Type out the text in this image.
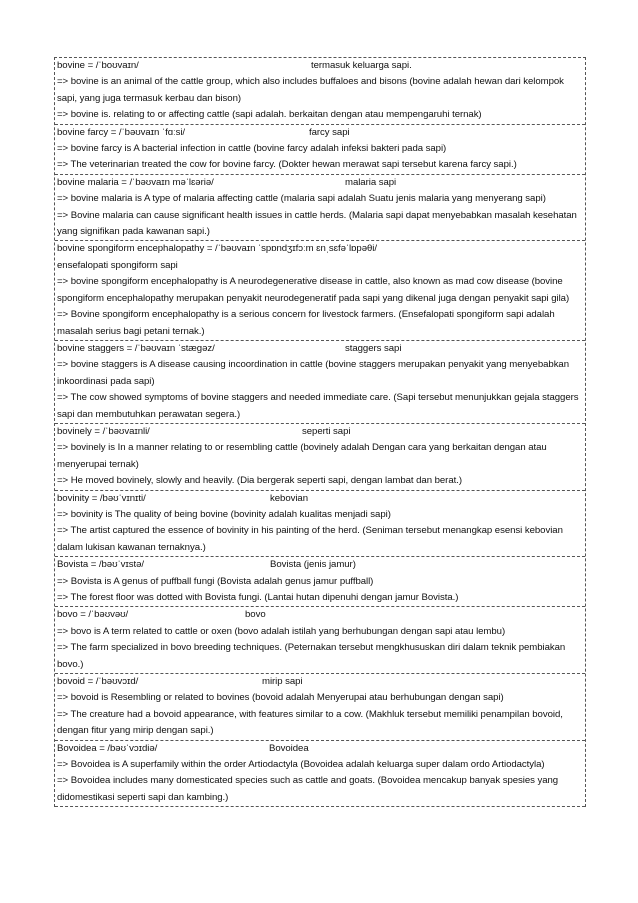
bovine = /ˈboʊvaɪn/	termasuk keluarga sapi.
=> bovine is an animal of the cattle group, which also includes buffaloes and bisons (bovine adalah hewan dari kelompok sapi, yang juga termasuk kerbau dan bison)
=> bovine is. relating to or affecting cattle (sapi adalah. berkaitan dengan atau mempengaruhi ternak)
bovine farcy = /ˈbəʊvaɪn ˈfɑːsi/	farcy sapi
=> bovine farcy is A bacterial infection in cattle (bovine farcy adalah infeksi bakteri pada sapi)
=> The veterinarian treated the cow for bovine farcy. (Dokter hewan merawat sapi tersebut karena farcy sapi.)
bovine malaria = /ˈbəʊvaɪn məˈlɛəriə/	malaria sapi
=> bovine malaria is A type of malaria affecting cattle (malaria sapi adalah Suatu jenis malaria yang menyerang sapi)
=> Bovine malaria can cause significant health issues in cattle herds. (Malaria sapi dapat menyebabkan masalah kesehatan yang signifikan pada kawanan sapi.)
bovine spongiform encephalopathy = /ˈbəʊvaɪn ˈspɒndʒɪfɔːm ɛnˌsɛfəˈlɒpəθi/
ensefalopati spongiform sapi
=> bovine spongiform encephalopathy is A neurodegenerative disease in cattle, also known as mad cow disease (bovine spongiform encephalopathy merupakan penyakit neurodegeneratif pada sapi yang dikenal juga dengan penyakit sapi gila)
=> Bovine spongiform encephalopathy is a serious concern for livestock farmers. (Ensefalopati spongiform sapi adalah masalah serius bagi petani ternak.)
bovine staggers = /ˈbəʊvaɪn ˈstæɡəz/	staggers sapi
=> bovine staggers is A disease causing incoordination in cattle (bovine staggers merupakan penyakit yang menyebabkan inkoordinasi pada sapi)
=> The cow showed symptoms of bovine staggers and needed immediate care. (Sapi tersebut menunjukkan gejala staggers sapi dan membutuhkan perawatan segera.)
bovinely = /ˈbəʊvaɪnli/	seperti sapi
=> bovinely is In a manner relating to or resembling cattle (bovinely adalah Dengan cara yang berkaitan dengan atau menyerupai ternak)
=> He moved bovinely, slowly and heavily. (Dia bergerak seperti sapi, dengan lambat dan berat.)
bovinity = /bəʊˈvɪnɪti/	kebovian
=> bovinity is The quality of being bovine (bovinity adalah kualitas menjadi sapi)
=> The artist captured the essence of bovinity in his painting of the herd. (Seniman tersebut menangkap esensi kebovian dalam lukisan kawanan ternaknya.)
Bovista = /bəʊˈvɪstə/	Bovista (jenis jamur)
=> Bovista is A genus of puffball fungi (Bovista adalah genus jamur puffball)
=> The forest floor was dotted with Bovista fungi. (Lantai hutan dipenuhi dengan jamur Bovista.)
bovo = /ˈbəʊvəʊ/	bovo
=> bovo is A term related to cattle or oxen (bovo adalah istilah yang berhubungan dengan sapi atau lembu)
=> The farm specialized in bovo breeding techniques. (Peternakan tersebut mengkhususkan diri dalam teknik pembiakan bovo.)
bovoid = /ˈbəʊvɔɪd/	mirip sapi
=> bovoid is Resembling or related to bovines (bovoid adalah Menyerupai atau berhubungan dengan sapi)
=> The creature had a bovoid appearance, with features similar to a cow. (Makhluk tersebut memiliki penampilan bovoid, dengan fitur yang mirip dengan sapi.)
Bovoidea = /bəʊˈvɔɪdiə/	Bovoidea
=> Bovoidea is A superfamily within the order Artiodactyla (Bovoidea adalah keluarga super dalam ordo Artiodactyla)
=> Bovoidea includes many domesticated species such as cattle and goats. (Bovoidea mencakup banyak spesies yang didomestikasi seperti sapi dan kambing.)
